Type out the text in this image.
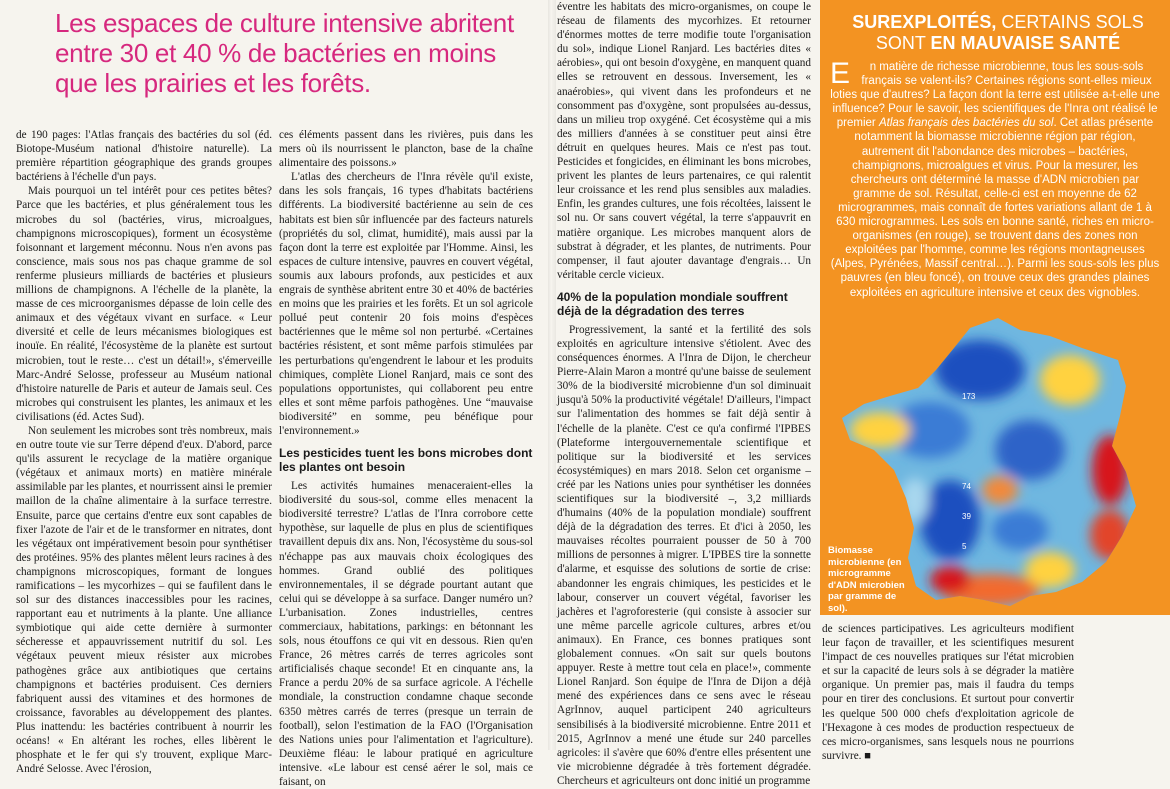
Les espaces de culture intensive abritent entre 30 et 40 % de bactéries en moins que les prairies et les forêts.

de 190 pages: l'Atlas français des bactéries du sol (éd. Biotope-Muséum national d'histoire naturelle). La première répartition géographique des grands groupes bactériens à l'échelle d'un pays.

Mais pourquoi un tel intérêt pour ces petites bêtes? Parce que les bactéries, et plus généralement tous les microbes du sol (bactéries, virus, microalgues, champignons microscopiques), forment un écosystème foisonnant et largement méconnu. Nous n'en avons pas conscience, mais sous nos pas chaque gramme de sol renferme plusieurs milliards de bactéries et plusieurs millions de champignons. A l'échelle de la planète, la masse de ces microorganismes dépasse de loin celle des animaux et des végétaux vivant en surface. « Leur diversité et celle de leurs mécanismes biologiques est inouïe. En réalité, l'écosystème de la planète est surtout microbien, tout le reste… c'est un détail!», s'émerveille Marc-André Selosse, professeur au Muséum national d'histoire naturelle de Paris et auteur de Jamais seul. Ces microbes qui construisent les plantes, les animaux et les civilisations (éd. Actes Sud).

Non seulement les microbes sont très nombreux, mais en outre toute vie sur Terre dépend d'eux. D'abord, parce qu'ils assurent le recyclage de la matière organique (végétaux et animaux morts) en matière minérale assimilable par les plantes, et nourrissent ainsi le premier maillon de la chaîne alimentaire à la surface terrestre. Ensuite, parce que certains d'entre eux sont capables de fixer l'azote de l'air et de le transformer en nitrates, dont les végétaux ont impérativement besoin pour synthétiser des protéines. 95% des plantes mêlent leurs racines à des champignons microscopiques, formant de longues ramifications – les mycorhizes – qui se faufilent dans le sol sur des distances inaccessibles pour les racines, rapportant eau et nutriments à la plante. Une alliance symbiotique qui aide cette dernière à surmonter sécheresse et appauvrissement nutritif du sol. Les végétaux peuvent mieux résister aux microbes pathogènes grâce aux antibiotiques que certains champignons et bactéries produisent. Ces derniers fabriquent aussi des vitamines et des hormones de croissance, favorables au développement des plantes. Plus inattendu: les bactéries contribuent à nourrir les océans! « En altérant les roches, elles libèrent le phosphate et le fer qui s'y trouvent, explique Marc-André Selosse. Avec l'érosion,

ces éléments passent dans les rivières, puis dans les mers où ils nourrissent le plancton, base de la chaîne alimentaire des poissons.»

L'atlas des chercheurs de l'Inra révèle qu'il existe, dans les sols français, 16 types d'habitats bactériens différents. La biodiversité bactérienne au sein de ces habitats est bien sûr influencée par des facteurs naturels (propriétés du sol, climat, humidité), mais aussi par la façon dont la terre est exploitée par l'Homme. Ainsi, les espaces de culture intensive, pauvres en couvert végétal, soumis aux labours profonds, aux pesticides et aux engrais de synthèse abritent entre 30 et 40% de bactéries en moins que les prairies et les forêts. Et un sol agricole pollué peut contenir 20 fois moins d'espèces bactériennes que le même sol non perturbé. «Certaines bactéries résistent, et sont même parfois stimulées par les perturbations qu'engendrent le labour et les produits chimiques, complète Lionel Ranjard, mais ce sont des populations opportunistes, qui collaborent peu entre elles et sont même parfois pathogènes. Une “mauvaise biodiversité” en somme, peu bénéfique pour l'environnement.»

Les pesticides tuent les bons microbes dont les plantes ont besoin

Les activités humaines menaceraient-elles la biodiversité du sous-sol, comme elles menacent la biodiversité terrestre? L'atlas de l'Inra corrobore cette hypothèse, sur laquelle de plus en plus de scientifiques travaillent depuis dix ans. Non, l'écosystème du sous-sol n'échappe pas aux mauvais choix écologiques des hommes. Grand oublié des politiques environnementales, il se dégrade pourtant autant que celui qui se développe à sa surface. Danger numéro un? L'urbanisation. Zones industrielles, centres commerciaux, habitations, parkings: en bétonnant les sols, nous étouffons ce qui vit en dessous. Rien qu'en France, 26 mètres carrés de terres agricoles sont artificialisés chaque seconde! Et en cinquante ans, la France a perdu 20% de sa surface agricole. A l'échelle mondiale, la construction condamne chaque seconde 6350 mètres carrés de terres (presque un terrain de football), selon l'estimation de la FAO (l'Organisation des Nations unies pour l'alimentation et l'agriculture). Deuxième fléau: le labour pratiqué en agriculture intensive. «Le labour est censé aérer le sol, mais ce faisant, on

éventre les habitats des micro-organismes, on coupe le réseau de filaments des mycorhizes. Et retourner d'énormes mottes de terre modifie toute l'organisation du sol», indique Lionel Ranjard. Les bactéries dites « aérobies», qui ont besoin d'oxygène, en manquent quand elles se retrouvent en dessous. Inversement, les « anaérobies», qui vivent dans les profondeurs et ne consomment pas d'oxygène, sont propulsées au-dessus, dans un milieu trop oxygéné. Cet écosystème qui a mis des milliers d'années à se constituer peut ainsi être détruit en quelques heures. Mais ce n'est pas tout. Pesticides et fongicides, en éliminant les bons microbes, privent les plantes de leurs partenaires, ce qui ralentit leur croissance et les rend plus sensibles aux maladies. Enfin, les grandes cultures, une fois récoltées, laissent le sol nu. Or sans couvert végétal, la terre s'appauvrit en matière organique. Les microbes manquent alors de substrat à dégrader, et les plantes, de nutriments. Pour compenser, il faut ajouter davantage d'engrais… Un véritable cercle vicieux.

40% de la population mondiale souffrent déjà de la dégradation des terres

Progressivement, la santé et la fertilité des sols exploités en agriculture intensive s'étiolent. Avec des conséquences énormes. A l'Inra de Dijon, le chercheur Pierre-Alain Maron a montré qu'une baisse de seulement 30% de la biodiversité microbienne d'un sol diminuait jusqu'à 50% la productivité végétale! D'ailleurs, l'impact sur l'alimentation des hommes se fait déjà sentir à l'échelle de la planète. C'est ce qu'a confirmé l'IPBES (Plateforme intergouvernementale scientifique et politique sur la biodiversité et les services écosystémiques) en mars 2018. Selon cet organisme – créé par les Nations unies pour synthétiser les données scientifiques sur la biodiversité –, 3,2 milliards d'humains (40% de la population mondiale) souffrent déjà de la dégradation des terres. Et d'ici à 2050, les mauvaises récoltes pourraient pousser de 50 à 700 millions de personnes à migrer. L'IPBES tire la sonnette d'alarme, et esquisse des solutions de sortie de crise: abandonner les engrais chimiques, les pesticides et le labour, conserver un couvert végétal, favoriser les jachères et l'agroforesterie (qui consiste à associer sur une même parcelle agricole cultures, arbres et/ou animaux). En France, ces bonnes pratiques sont globalement connues. «On sait sur quels boutons appuyer. Reste à mettre tout cela en place!», commente Lionel Ranjard. Son équipe de l'Inra de Dijon a déjà mené des expériences dans ce sens avec le réseau AgrInnov, auquel participent 240 agriculteurs sensibilisés à la biodiversité microbienne. Entre 2011 et 2015, AgrInnov a mené une étude sur 240 parcelles agricoles: il s'avère que 60% d'entre elles présentent une vie microbienne dégradée à très fortement dégradée. Chercheurs et agriculteurs ont donc initié un programme

SUREXPLOITÉS, CERTAINS SOLS
SONT EN MAUVAISE SANTÉ
E n matière de richesse microbienne, tous les sous-sols français se valent-ils? Certaines régions sont-elles mieux loties que d'autres? La façon dont la terre est utilisée a-t-elle une influence? Pour le savoir, les scientifiques de l'Inra ont réalisé le premier Atlas français des bactéries du sol. Cet atlas présente notamment la biomasse microbienne région par région, autrement dit l'abondance des microbes – bactéries, champignons, microalgues et virus. Pour la mesurer, les chercheurs ont déterminé la masse d'ADN microbien par gramme de sol. Résultat, celle-ci est en moyenne de 62 microgrammes, mais connaît de fortes variations allant de 1 à 630 microgrammes. Les sols en bonne santé, riches en micro-organismes (en rouge), se trouvent dans des zones non exploitées par l'homme, comme les régions montagneuses (Alpes, Pyrénées, Massif central…). Parmi les sous-sols les plus pauvres (en bleu foncé), on trouve ceux des grandes plaines exploitées en agriculture intensive et ceux des vignobles.
173
74
39
5
Biomasse microbienne (en microgramme d'ADN microbien par gramme de sol).

de sciences participatives. Les agriculteurs modifient leur façon de travailler, et les scientifiques mesurent l'impact de ces nouvelles pratiques sur l'état microbien et sur la capacité de leurs sols à se dégrader la matière organique. Un premier pas, mais il faudra du temps pour en tirer des conclusions. Et surtout pour convertir les quelque 500 000 chefs d'exploitation agricole de l'Hexagone à ces modes de production respectueux de ces micro-organismes, sans lesquels nous ne pourrions survivre. ■
